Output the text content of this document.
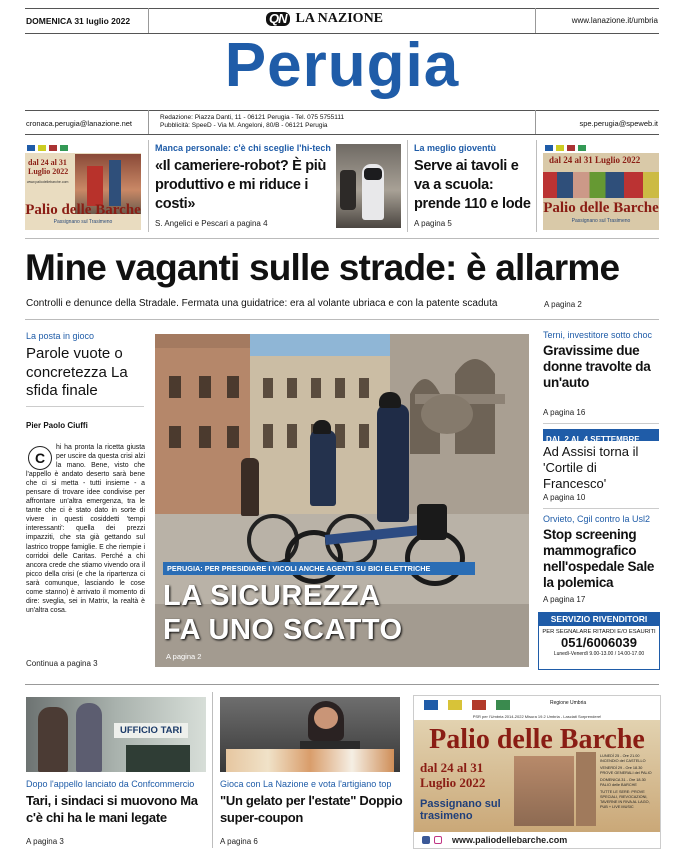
DOMENICA 31 luglio 2022	QN LA NAZIONE	www.lanazione.it/umbria
Perugia
cronaca.perugia@lanazione.net
Redazione: Piazza Danti, 11 - 06121 Perugia - Tel. 075 5755111
Pubblicità: SpeeD - Via M. Angeloni, 80/B - 06121 Perugia	spe.perugia@speweb.it
dal 24 al 31 Luglio 2022
www.paliodellebarche.com
Palio delle Barche
Passignano sul Trasimeno
Manca personale: c'è chi sceglie l'hi-tech
«Il cameriere-robot? È più produttivo e mi riduce i costi»
S. Angelici e Pescari a pagina 4
La meglio gioventù
Serve ai tavoli e va a scuola: prende 110 e lode
A pagina 5
dal 24 al 31 Luglio 2022
Palio delle Barche
Passignano sul Trasimeno
Mine vaganti sulle strade: è allarme
Controlli e denunce della Stradale. Fermata una guidatrice: era al volante ubriaca e con la patente scaduta	A pagina 2
La posta in gioco
Parole vuote o concretezza La sfida finale
Pier Paolo Ciuffi
C
hi ha pronta la ricetta giusta per uscire da questa crisi alzi la mano. Bene, visto che l'appello è andato deserto sarà bene che ci si metta - tutti insieme - a pensare di trovare idee condivise per affrontare un'altra emergenza, tra le tante che ci è stato dato in sorte di vivere in questi cosiddetti 'tempi interessanti': quella dei prezzi impazziti, che sta già gettando sul lastrico troppe famiglie. E che riempie i corridoi delle Caritas. Perché a chi ancora crede che stiamo vivendo ora il picco della crisi (e che la ripartenza ci sarà comunque, lasciando le cose come stanno) è arrivato il momento di dire: sveglia, sei in Matrix, la realtà è un'altra cosa.
Continua a pagina 3
PERUGIA: PER PRESIDIARE I VICOLI ANCHE AGENTI SU BICI ELETTRICHE
LA SICUREZZA
FA UNO SCATTO
A pagina 2
Terni, investitore sotto choc
Gravissime due donne travolte da un'auto
A pagina 16
DAL 2 AL 4 SETTEMBRE
Ad Assisi torna il 'Cortile di Francesco'
A pagina 10
Orvieto, Cgil contro la Usl2
Stop screening mammografico nell'ospedale Sale la polemica
A pagina 17
SERVIZIO RIVENDITORI
PER SEGNALARE RITARDI E/O ESAURITI
051/6006039
Lunedì-Venerdì 9.00-13.00 / 14.00-17.00
UFFICIO TARI
Dopo l'appello lanciato da Confcommercio
Tari, i sindaci si muovono Ma c'è chi ha le mani legate
A pagina 3
Gioca con La Nazione e vota l'artigiano top
"Un gelato per l'estate" Doppio super-coupon
A pagina 6
Regione Umbria
PSR per l'Umbria 2014-2022 Misura 19.2 Umbria - Lasciati Sorprendere!
Palio delle Barche
dal 24 al 31 Luglio 2022
Passignano sul trasimeno
LUNEDÌ 25 - Ore 21.00 INCENDIO del CASTELLO
VENERDÌ 29 - Ore 18.30 PROVE GENERALI del PALIO
DOMENICA 31 - Ore 18.30 PALIO delle BARCHE
TUTTE LE SERE: PROVE SPECIALI, RIEVOCAZIONI, TAVERNE IN RIVA AL LAGO, PUB + LIVE MUSIC
www.paliodellebarche.com
